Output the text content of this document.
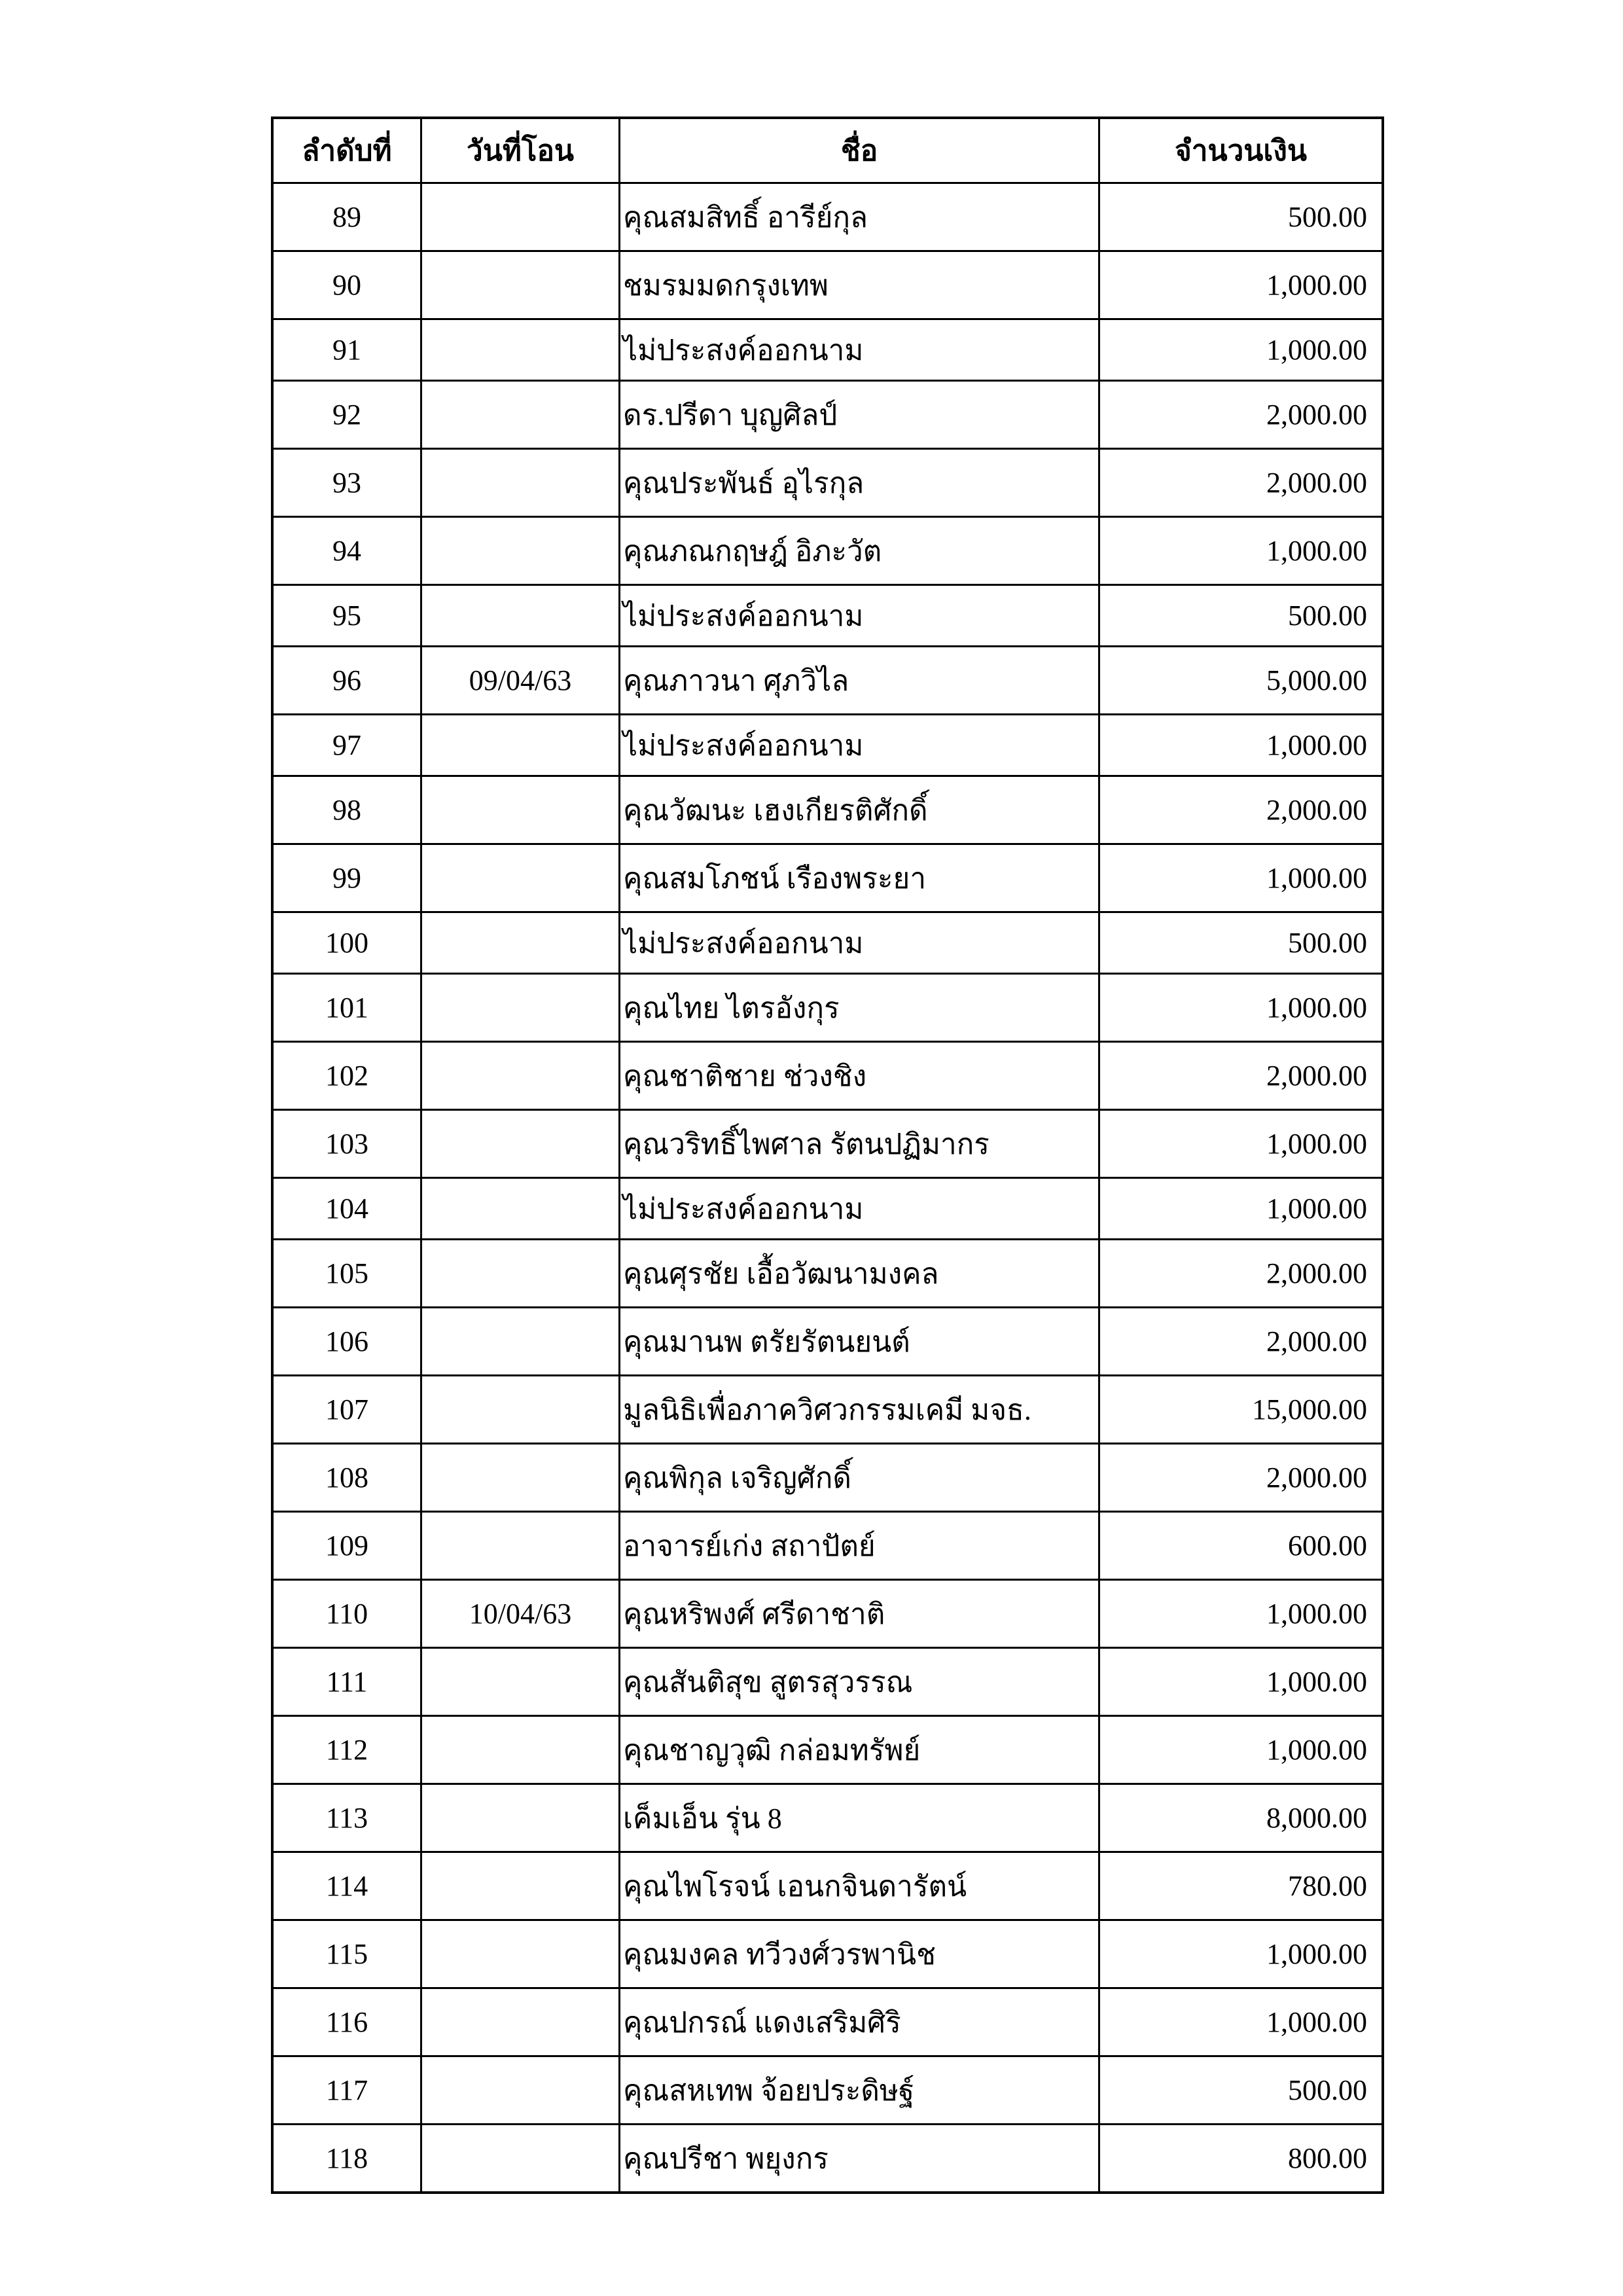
ลำดับที่	วันที่โอน	ชื่อ	จำนวนเงิน
89		คุณสมสิทธิ์ อารีย์กุล	500.00
90		ชมรมมดกรุงเทพ	1,000.00
91		ไม่ประสงค์ออกนาม	1,000.00
92		ดร.ปรีดา บุญศิลป์	2,000.00
93		คุณประพันธ์ อุไรกุล	2,000.00
94		คุณภณกฤษฎ์ อิภะวัต	1,000.00
95		ไม่ประสงค์ออกนาม	500.00
96	09/04/63	คุณภาวนา ศุภวิไล	5,000.00
97		ไม่ประสงค์ออกนาม	1,000.00
98		คุณวัฒนะ เฮงเกียรติศักดิ์	2,000.00
99		คุณสมโภชน์ เรืองพระยา	1,000.00
100		ไม่ประสงค์ออกนาม	500.00
101		คุณไทย ไตรอังกุร	1,000.00
102		คุณชาติชาย ช่วงชิง	2,000.00
103		คุณวริทธิ์ไพศาล รัตนปฏิมากร	1,000.00
104		ไม่ประสงค์ออกนาม	1,000.00
105		คุณศุรชัย เอื้อวัฒนามงคล	2,000.00
106		คุณมานพ ตรัยรัตนยนต์	2,000.00
107		มูลนิธิเพื่อภาควิศวกรรมเคมี มจธ.	15,000.00
108		คุณพิกุล เจริญศักดิ์	2,000.00
109		อาจารย์เก่ง สถาปัตย์	600.00
110	10/04/63	คุณหริพงศ์ ศรีดาชาติ	1,000.00
111		คุณสันติสุข สูตรสุวรรณ	1,000.00
112		คุณชาญวุฒิ กล่อมทรัพย์	1,000.00
113		เค็มเอ็น รุ่น 8	8,000.00
114		คุณไพโรจน์ เอนกจินดารัตน์	780.00
115		คุณมงคล ทวีวงศ์วรพานิช	1,000.00
116		คุณปกรณ์ แดงเสริมศิริ	1,000.00
117		คุณสหเทพ จ้อยประดิษฐ์	500.00
118		คุณปรีชา พยุงกร	800.00
